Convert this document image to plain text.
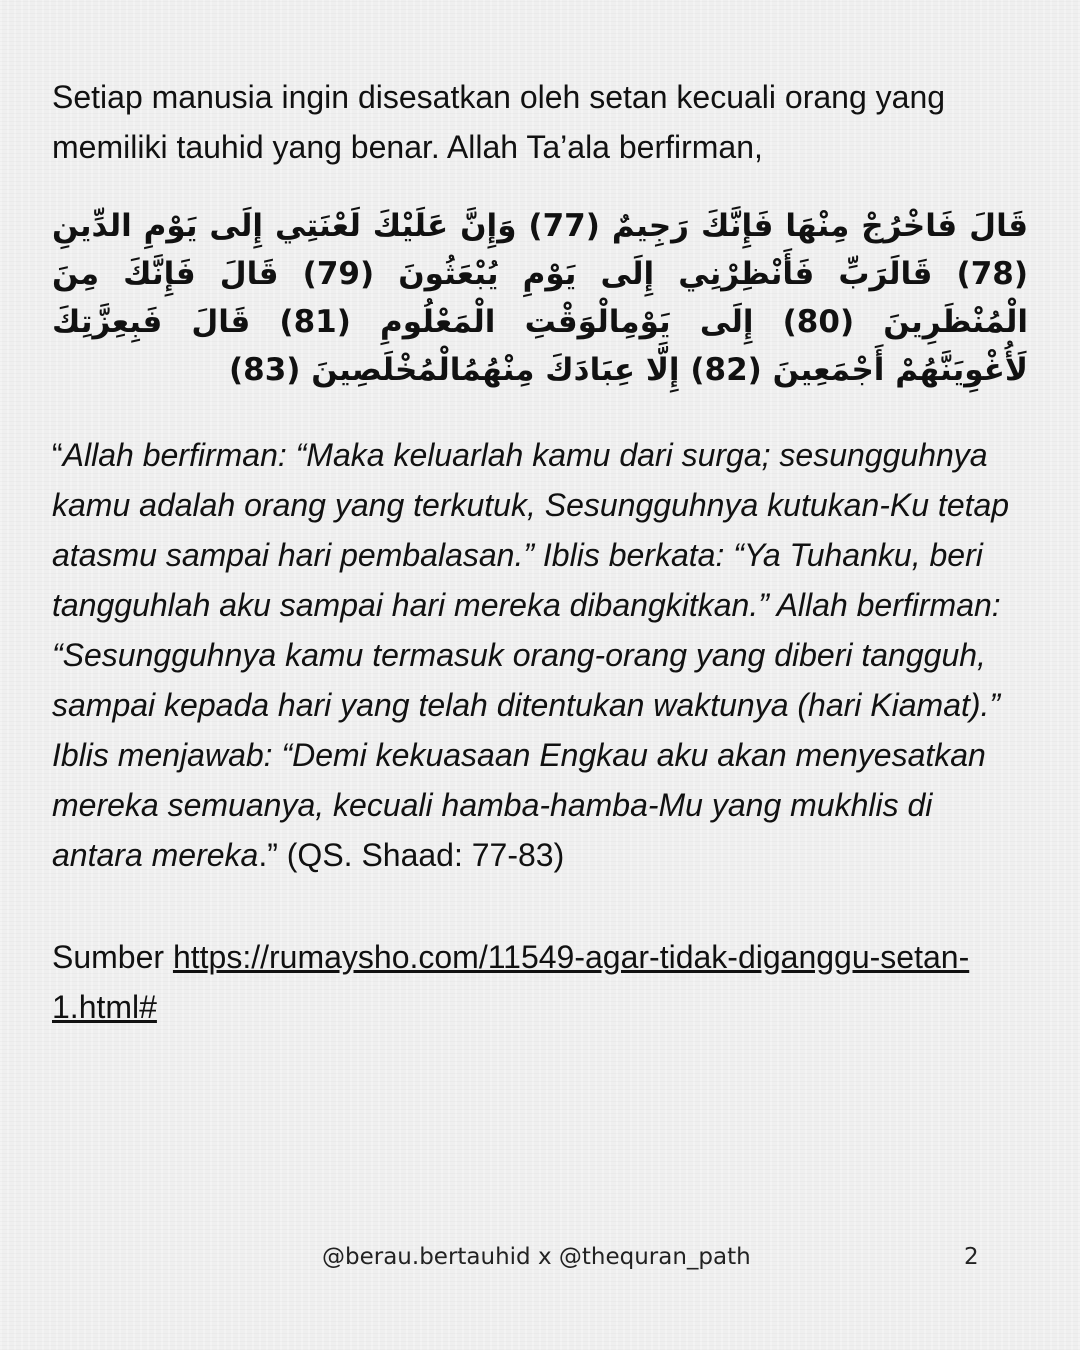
Setiap manusia ingin disesatkan oleh setan kecuali orang yang memiliki tauhid yang benar. Allah Ta’ala berfirman,

قَالَ فَاخْرُجْ مِنْهَا فَإِنَّكَ رَجِيمٌ (77) وَإِنَّ عَلَيْكَ لَعْنَتِي إِلَى يَوْمِ الدِّينِ (78) قَالَرَبِّ فَأَنْظِرْنِي إِلَى يَوْمِ يُبْعَثُونَ (79) قَالَ فَإِنَّكَ مِنَ الْمُنْظَرِينَ (80) إِلَى يَوْمِالْوَقْتِ الْمَعْلُومِ (81) قَالَ فَبِعِزَّتِكَ لَأُغْوِيَنَّهُمْ أَجْمَعِينَ (82) إِلَّا عِبَادَكَ مِنْهُمُالْمُخْلَصِينَ (83)

“Allah berfirman: “Maka keluarlah kamu dari surga; sesungguhnya kamu adalah orang yang terkutuk, Sesungguhnya kutukan-Ku tetap atasmu sampai hari pembalasan.” Iblis berkata: “Ya Tuhanku, beri tangguhlah aku sampai hari mereka dibangkitkan.” Allah berfirman: “Sesungguhnya kamu termasuk orang-orang yang diberi tangguh, sampai kepada hari yang telah ditentukan waktunya (hari Kiamat).” Iblis menjawab: “Demi kekuasaan Engkau aku akan menyesatkan mereka semuanya, kecuali hamba-hamba-Mu yang mukhlis di antara mereka.” (QS. Shaad: 77-83)

Sumber https://rumaysho.com/11549-agar-tidak-diganggu-setan-1.html#
@berau.bertauhid x @thequran_path	2
